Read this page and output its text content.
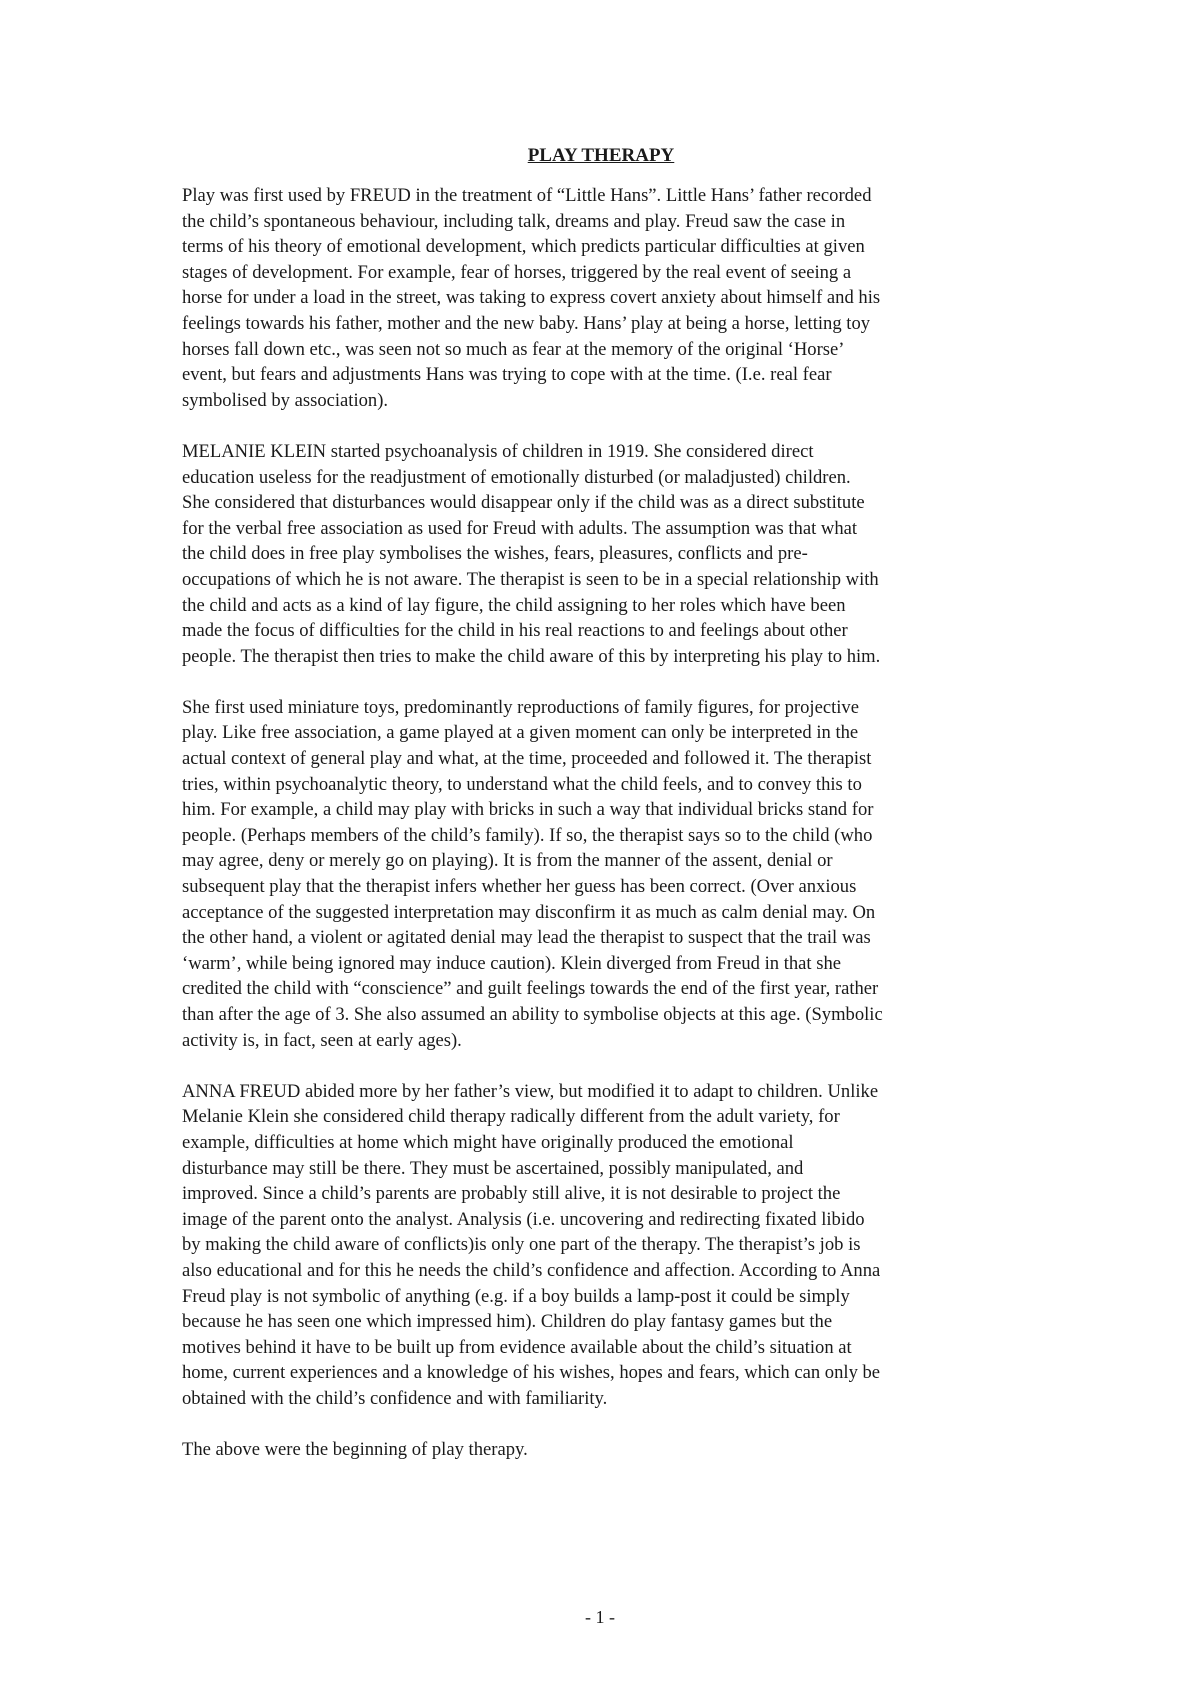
PLAY THERAPY
Play was first used by FREUD in the treatment of “Little Hans”. Little Hans’ father recorded
the child’s spontaneous behaviour, including talk, dreams and play. Freud saw the case in
terms of his theory of emotional development, which predicts particular difficulties at given
stages of development. For example, fear of horses, triggered by the real event of seeing a
horse for under a load in the street, was taking to express covert anxiety about himself and his
feelings towards his father, mother and the new baby. Hans’ play at being a horse, letting toy
horses fall down etc., was seen not so much as fear at the memory of the original ‘Horse’
event, but fears and adjustments Hans was trying to cope with at the time. (I.e. real fear
symbolised by association).
MELANIE KLEIN started psychoanalysis of children in 1919. She considered direct
education useless for the readjustment of emotionally disturbed (or maladjusted) children.
She considered that disturbances would disappear only if the child was as a direct substitute
for the verbal free association as used for Freud with adults. The assumption was that what
the child does in free play symbolises the wishes, fears, pleasures, conflicts and pre-
occupations of which he is not aware. The therapist is seen to be in a special relationship with
the child and acts as a kind of lay figure, the child assigning to her roles which have been
made the focus of difficulties for the child in his real reactions to and feelings about other
people. The therapist then tries to make the child aware of this by interpreting his play to him.
She first used miniature toys, predominantly reproductions of family figures, for projective
play. Like free association, a game played at a given moment can only be interpreted in the
actual context of general play and what, at the time, proceeded and followed it. The therapist
tries, within psychoanalytic theory, to understand what the child feels, and to convey this to
him. For example, a child may play with bricks in such a way that individual bricks stand for
people. (Perhaps members of the child’s family). If so, the therapist says so to the child (who
may agree, deny or merely go on playing). It is from the manner of the assent, denial or
subsequent play that the therapist infers whether her guess has been correct. (Over anxious
acceptance of the suggested interpretation may disconfirm it as much as calm denial may. On
the other hand, a violent or agitated denial may lead the therapist to suspect that the trail was
‘warm’, while being ignored may induce caution). Klein diverged from Freud in that she
credited the child with “conscience” and guilt feelings towards the end of the first year, rather
than after the age of 3. She also assumed an ability to symbolise objects at this age. (Symbolic
activity is, in fact, seen at early ages).
ANNA FREUD abided more by her father’s view, but modified it to adapt to children. Unlike
Melanie Klein she considered child therapy radically different from the adult variety, for
example, difficulties at home which might have originally produced the emotional
disturbance may still be there. They must be ascertained, possibly manipulated, and
improved. Since a child’s parents are probably still alive, it is not desirable to project the
image of the parent onto the analyst. Analysis (i.e. uncovering and redirecting fixated libido
by making the child aware of conflicts)is only one part of the therapy. The therapist’s job is
also educational and for this he needs the child’s confidence and affection. According to Anna
Freud play is not symbolic of anything (e.g. if a boy builds a lamp-post it could be simply
because he has seen one which impressed him). Children do play fantasy games but the
motives behind it have to be built up from evidence available about the child’s situation at
home, current experiences and a knowledge of his wishes, hopes and fears, which can only be
obtained with the child’s confidence and with familiarity.
The above were the beginning of play therapy.
- 1 -
